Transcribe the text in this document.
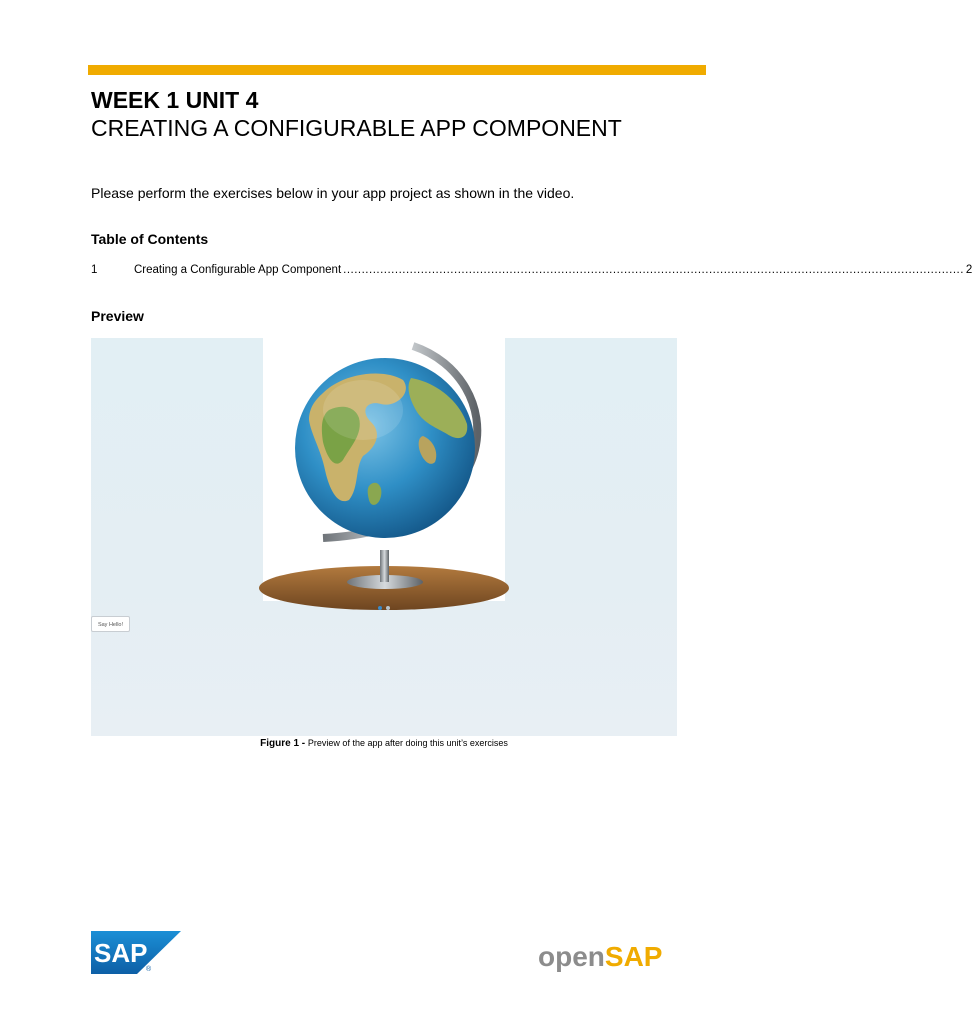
WEEK 1 UNIT 4
CREATING A CONFIGURABLE APP COMPONENT
Please perform the exercises below in your app project as shown in the video.
Table of Contents
1	Creating a Configurable App Component ........................................................................................................................................................................ 2
Preview
Say Hello!
Figure 1 - Preview of the app after doing this unit’s exercises
SAP
®	openSAP
